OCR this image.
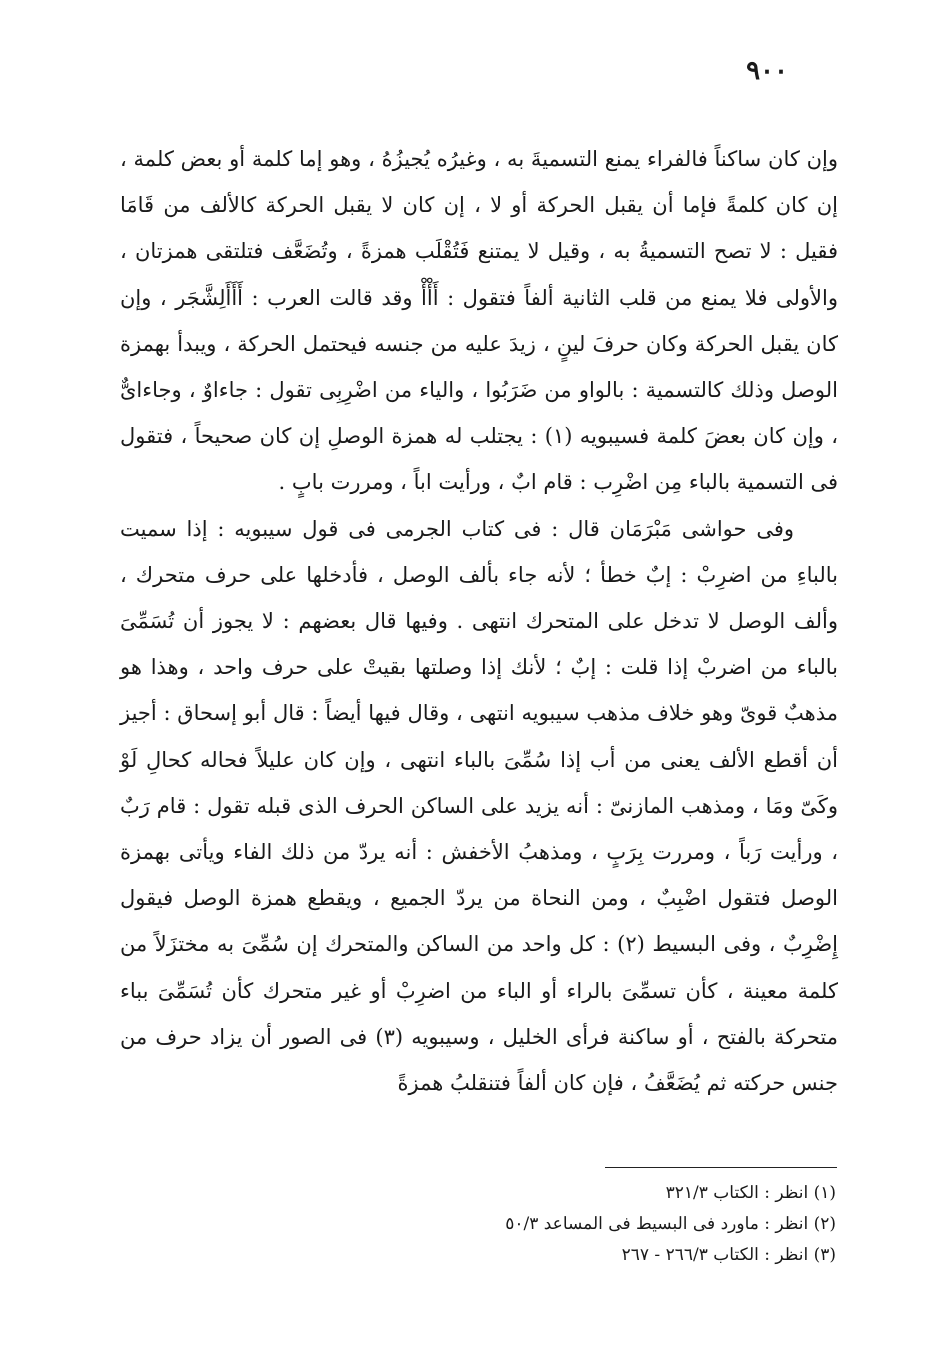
٩٠٠

وإن كان ساكناً فالفراء يمنع التسميةَ به ، وغيرُه يُجيزُهُ ، وهو إما كلمة أو بعض كلمة ، إن كان كلمةً فإما أن يقبل الحركة أو لا ، إن كان لا يقبل الحركة كالألف من قَامَا فقيل : لا تصح التسميةُ به ، وقيل لا يمتنع فَتُقْلَب همزةً ، وتُضَعَّف فتلتقى همزتان ، والأولى فلا يمنع من قلب الثانية ألفاً فتقول : أَأْأْ وقد قالت العرب : أَأَأَلِشَّجَر ، وإن كان يقبل الحركة وكان حرفَ لينٍ ، زيدَ عليه من جنسه فيحتمل الحركة ، ويبدأ بهمزة الوصل وذلك كالتسمية : بالواو من ضَرَبُوا ، والياء من اضْرِبِى تقول : جاءاوٌ ، وجاءاىٌّ ، وإن كان بعضَ كلمة فسيبويه (١) : يجتلب له همزة الوصلِ إن كان صحيحاً ، فتقول فى التسمية بالباء مِن اضْرِب : قام ابٌ ، ورأيت اباً ، ومررت بابٍ .

وفى حواشى مَبْرَمَان قال : فى كتاب الجرمى فى قول سيبويه : إذا سميت بالباءِ من اضرِبْ : إبٌ خطأ ؛ لأنه جاء بألف الوصل ، فأدخلها على حرف متحرك ، وألف الوصل لا تدخل على المتحرك انتهى . وفيها قال بعضهم : لا يجوز أن تُسَمِّىَ بالباء من اضربْ إذا قلت : إبٌ ؛ لأنك إذا وصلتها بقيتْ على حرف واحد ، وهذا هو مذهبٌ قوىّ وهو خلاف مذهب سيبويه انتهى ، وقال فيها أيضاً : قال أبو إسحاق : أجيز أن أقطع الألف يعنى من أب إذا سُمِّىَ بالباء انتهى ، وإن كان عليلاً فحاله كحالِ لَوْ وكَىّ ومَا ، ومذهب المازنىّ : أنه يزيد على الساكن الحرف الذى قبله تقول : قام رَبٌ ، ورأيت رَباً ، ومررت بِرَبٍ ، ومذهبُ الأخفش : أنه يردّ من ذلك الفاء ويأتى بهمزة الوصل فتقول اضْبِبٌ ، ومن النحاة من يردّ الجميع ، ويقطع همزة الوصل فيقول إِضْرِبٌ ، وفى البسيط (٢) : كل واحد من الساكن والمتحرك إن سُمِّىَ به مختزَلاً من كلمة معينة ، كأن تسمِّىَ بالراء أو الباء من اضرِبْ أو غير متحرك كأن تُسَمِّىَ بباء متحركة بالفتح ، أو ساكنة فرأى الخليل ، وسيبويه (٣) فى الصور أن يزاد حرف من جنس حركته ثم يُضَعَّفُ ، فإن كان ألفاً فتنقلبُ همزةً

(١) انظر : الكتاب ٣٢١/٣

(٢) انظر : ماورد فى البسيط فى المساعد ٥٠/٣

(٣) انظر : الكتاب ٢٦٦/٣ - ٢٦٧
